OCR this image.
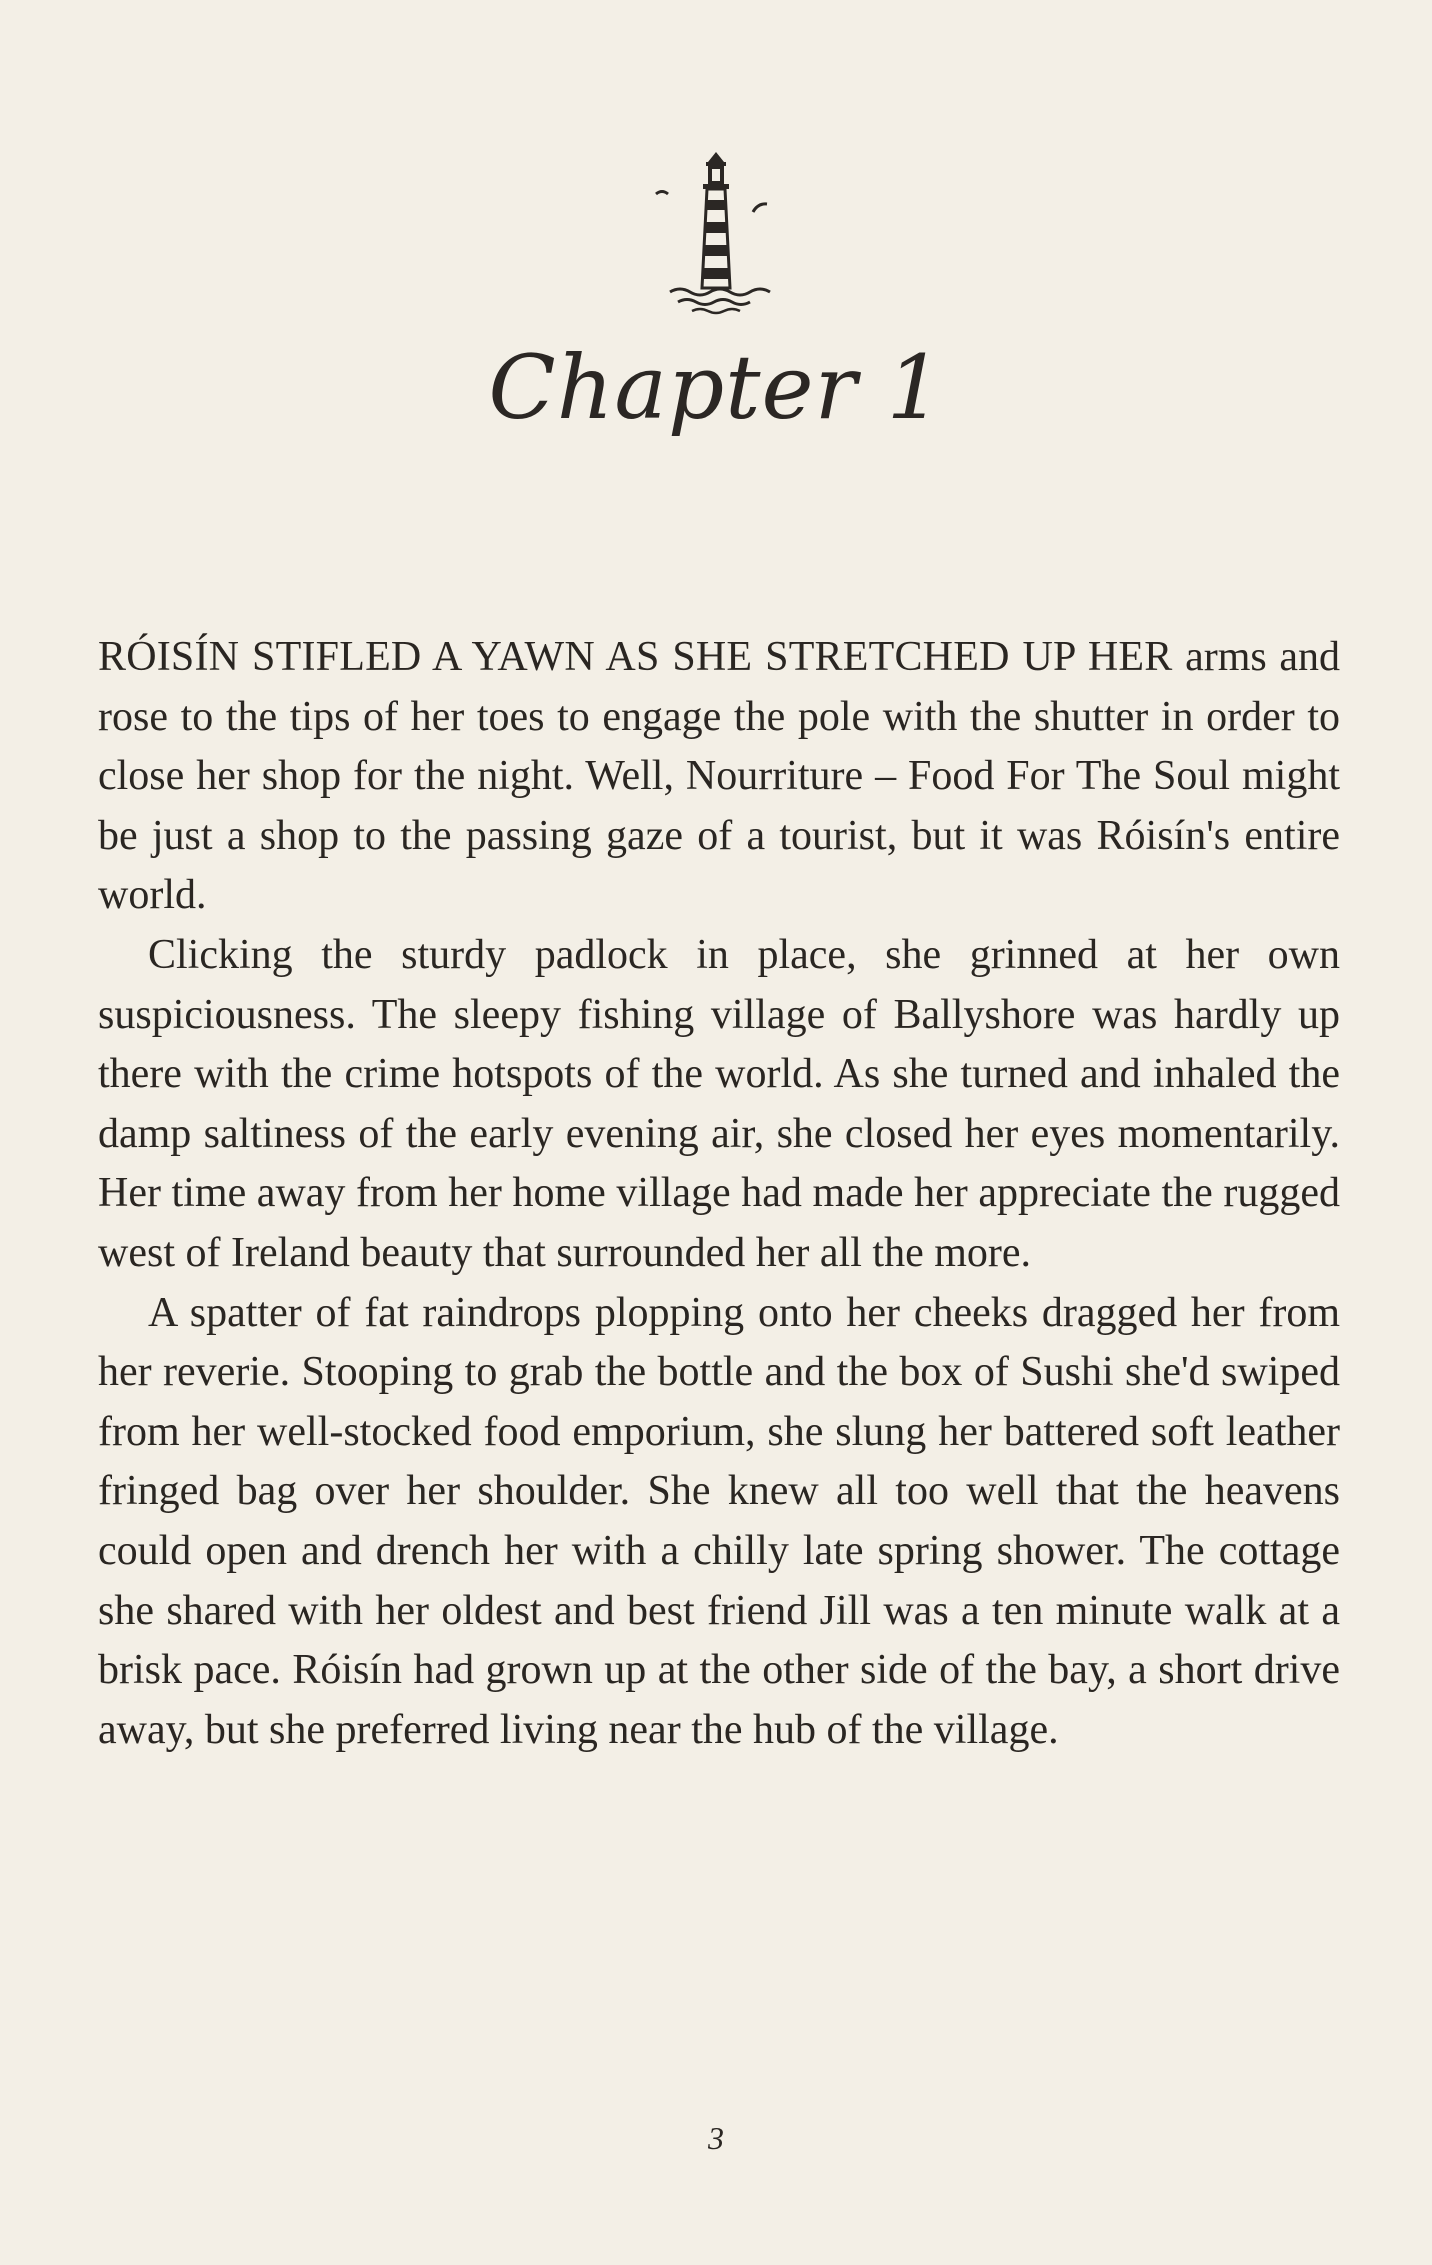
Chapter 1

RÓISÍN STIFLED A YAWN AS SHE STRETCHED UP HER arms and rose to the tips of her toes to engage the pole with the shutter in order to close her shop for the night. Well, Nourriture – Food For The Soul might be just a shop to the passing gaze of a tourist, but it was Róisín's entire world.

Clicking the sturdy padlock in place, she grinned at her own suspiciousness. The sleepy fishing village of Ballyshore was hardly up there with the crime hotspots of the world. As she turned and inhaled the damp saltiness of the early evening air, she closed her eyes momentarily. Her time away from her home village had made her appreciate the rugged west of Ireland beauty that surrounded her all the more.

A spatter of fat raindrops plopping onto her cheeks dragged her from her reverie. Stooping to grab the bottle and the box of Sushi she'd swiped from her well-stocked food emporium, she slung her battered soft leather fringed bag over her shoulder. She knew all too well that the heavens could open and drench her with a chilly late spring shower. The cottage she shared with her oldest and best friend Jill was a ten minute walk at a brisk pace. Róisín had grown up at the other side of the bay, a short drive away, but she preferred living near the hub of the village.

3
